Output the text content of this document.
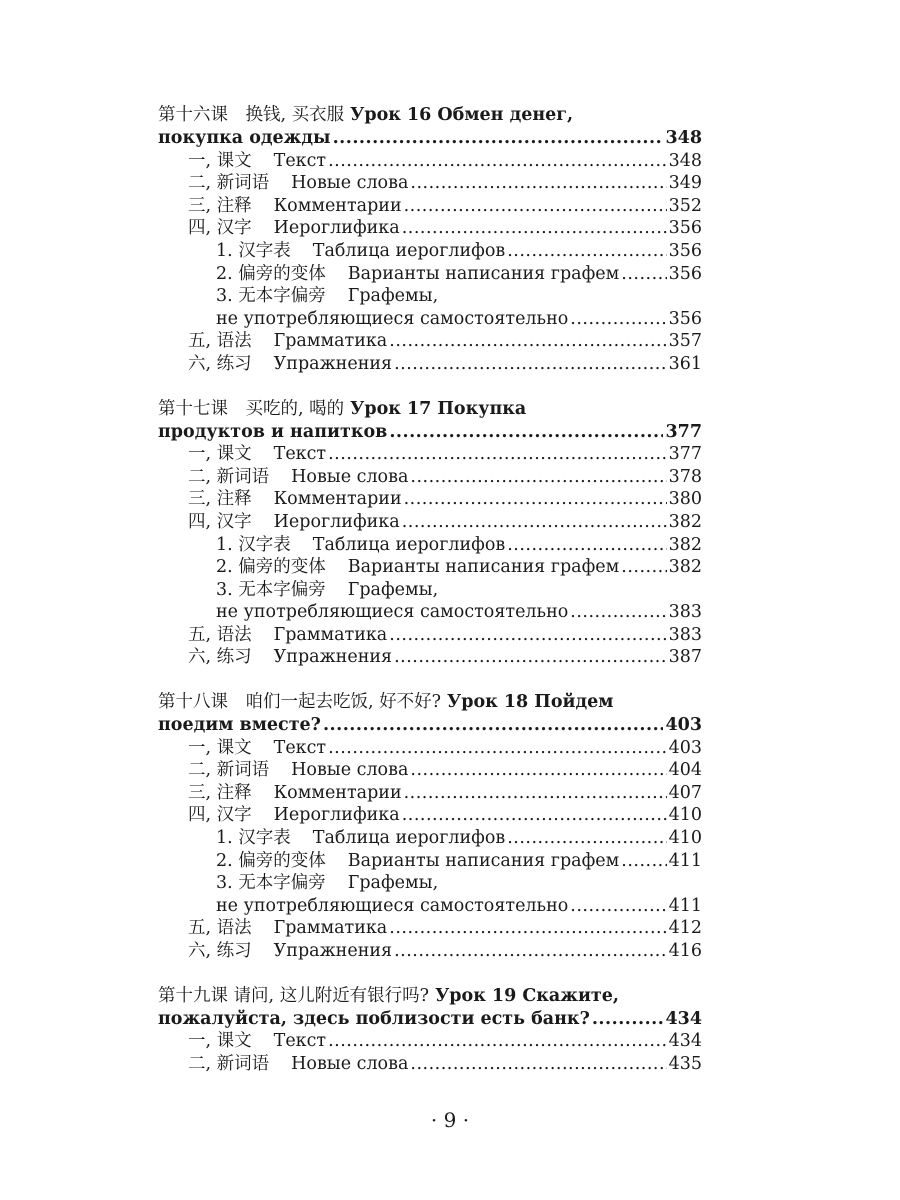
第十六课　换钱, 买衣服 Урок 16 Обмен денег,
покупка одежды .....	348
一, 课文 Текст .....	348
二, 新词语 Новые слова .....	349
三, 注释 Комментарии .....	352
四, 汉字 Иероглифика .....	356
1. 汉字表 Таблица иероглифов .....	356
2. 偏旁的变体 Варианты написания графем .....	356
3. 无本字偏旁 Графемы,
не употребляющиеся самостоятельно .....	356
五, 语法 Грамматика .....	357
六, 练习 Упражнения .....	361
第十七课　买吃的, 喝的 Урок 17 Покупка
продуктов и напитков .....	377
一, 课文 Текст .....	377
二, 新词语 Новые слова .....	378
三, 注释 Комментарии .....	380
四, 汉字 Иероглифика .....	382
1. 汉字表 Таблица иероглифов .....	382
2. 偏旁的变体 Варианты написания графем .....	382
3. 无本字偏旁 Графемы,
не употребляющиеся самостоятельно .....	383
五, 语法 Грамматика .....	383
六, 练习 Упражнения .....	387
第十八课　咱们一起去吃饭, 好不好? Урок 18 Пойдем
поедим вместе? .....	403
一, 课文 Текст .....	403
二, 新词语 Новые слова .....	404
三, 注释 Комментарии .....	407
四, 汉字 Иероглифика .....	410
1. 汉字表 Таблица иероглифов .....	410
2. 偏旁的变体 Варианты написания графем .....	411
3. 无本字偏旁 Графемы,
не употребляющиеся самостоятельно .....	411
五, 语法 Грамматика .....	412
六, 练习 Упражнения .....	416
第十九课 请问, 这儿附近有银行吗? Урок 19 Скажите,
пожалуйста, здесь поблизости есть банк? .....	434
一, 课文 Текст .....	434
二, 新词语 Новые слова .....	435
· 9 ·
